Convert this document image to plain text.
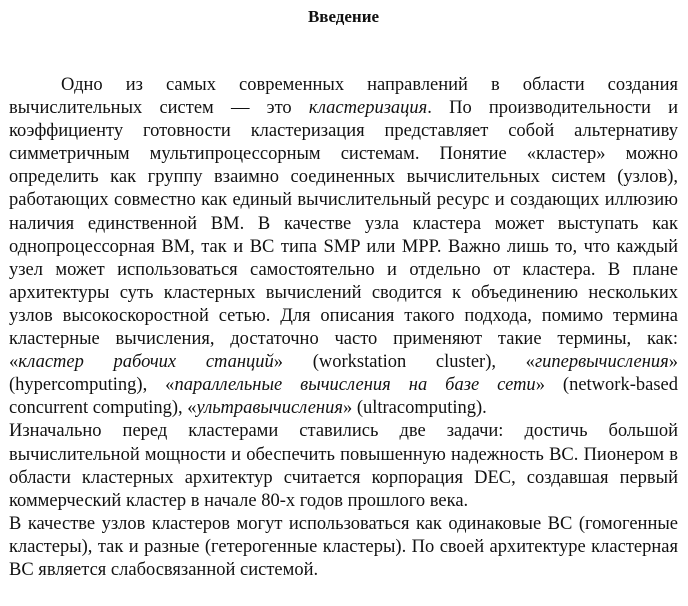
Введение

Одно из самых современных направлений в области создания вычислительных систем — это кластеризация. По производительности и коэффициенту готовности кластеризация представляет собой альтернативу симметричным мультипроцессорным системам. Понятие «кластер» можно определить как группу взаимно соединенных вычислительных систем (узлов), работающих совместно как единый вычислительный ресурс и создающих иллюзию наличия единственной ВМ. В качестве узла кластера может выступать как однопроцессорная ВМ, так и ВС типа SMP или MPP. Важно лишь то, что каждый узел может использоваться самостоятельно и отдельно от кластера. В плане архитектуры суть кластерных вычислений сводится к объединению нескольких узлов высокоскоростной сетью. Для описания такого подхода, помимо термина кластерные вычисления, достаточно часто применяют такие термины, как: «кластер рабочих станций» (workstation cluster), «гипервычисления» (hypercomputing), «параллельные вычисления на базе сети» (network-based concurrent computing), «ультравычисления» (ultracomputing).

Изначально перед кластерами ставились две задачи: достичь большой вычислительной мощности и обеспечить повышенную надежность ВС. Пионером в области кластерных архитектур считается корпорация DEC, создавшая первый коммерческий кластер в начале 80-х годов прошлого века.

В качестве узлов кластеров могут использоваться как одинаковые ВС (гомогенные кластеры), так и разные (гетерогенные кластеры). По своей архитектуре кластерная ВС является слабосвязанной системой.
